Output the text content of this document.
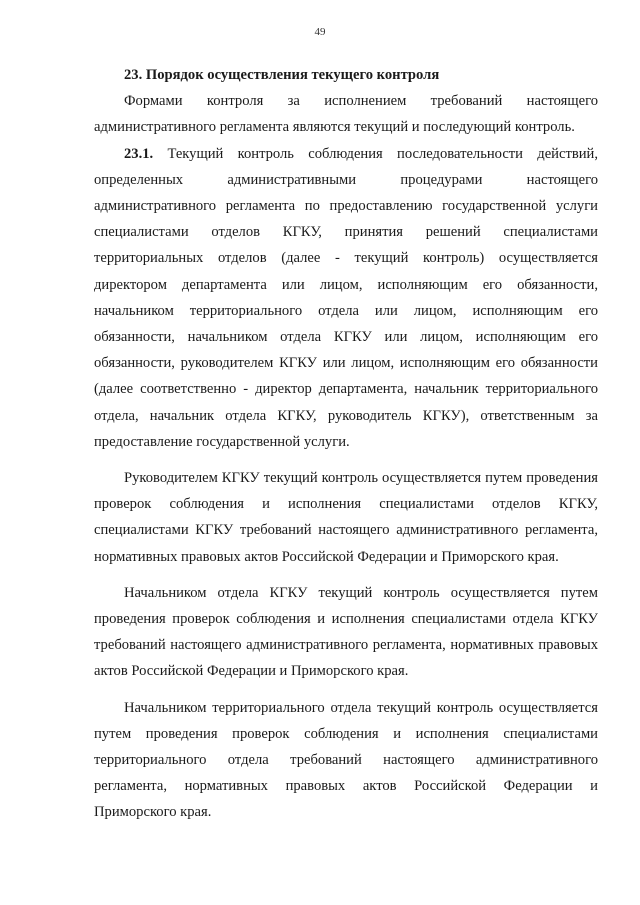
49

23. Порядок осуществления текущего контроля

Формами контроля за исполнением требований настоящего административного регламента являются текущий и последующий контроль.

23.1. Текущий контроль соблюдения последовательности действий, определенных административными процедурами настоящего административного регламента по предоставлению государственной услуги специалистами отделов КГКУ, принятия решений специалистами территориальных отделов (далее - текущий контроль) осуществляется директором департамента или лицом, исполняющим его обязанности, начальником территориального отдела или лицом, исполняющим его обязанности, начальником отдела КГКУ или лицом, исполняющим его обязанности, руководителем КГКУ или лицом, исполняющим его обязанности (далее соответственно - директор департамента, начальник территориального отдела, начальник отдела КГКУ, руководитель КГКУ), ответственным за предоставление государственной услуги.

Руководителем КГКУ текущий контроль осуществляется путем проведения проверок соблюдения и исполнения специалистами отделов КГКУ, специалистами КГКУ требований настоящего административного регламента, нормативных правовых актов Российской Федерации и Приморского края.

Начальником отдела КГКУ текущий контроль осуществляется путем проведения проверок соблюдения и исполнения специалистами отдела КГКУ требований настоящего административного регламента, нормативных правовых актов Российской Федерации и Приморского края.

Начальником территориального отдела текущий контроль осуществляется путем проведения проверок соблюдения и исполнения специалистами территориального отдела требований настоящего административного регламента, нормативных правовых актов Российской Федерации и Приморского края.
